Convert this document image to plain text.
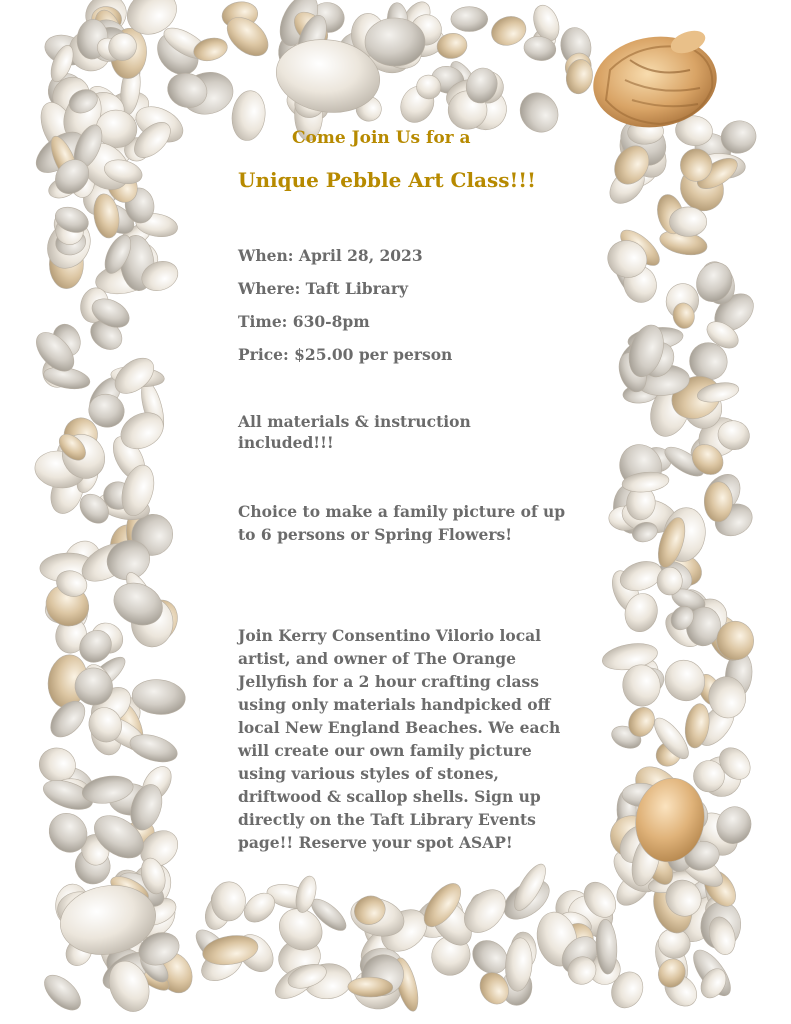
Come Join Us for a
Unique Pebble Art Class!!!
When: April 28, 2023
Where: Taft Library
Time: 630-8pm
Price: $25.00 per person
All materials & instruction included!!!
Choice to make a family picture of up to 6 persons or Spring Flowers!
Join Kerry Consentino Vilorio local artist, and owner of The Orange Jellyfish for a 2 hour crafting class using only materials handpicked off local New England Beaches. We each will create our own family picture using various styles of stones, driftwood & scallop shells. Sign up directly on the Taft Library Events page!! Reserve your spot ASAP!
